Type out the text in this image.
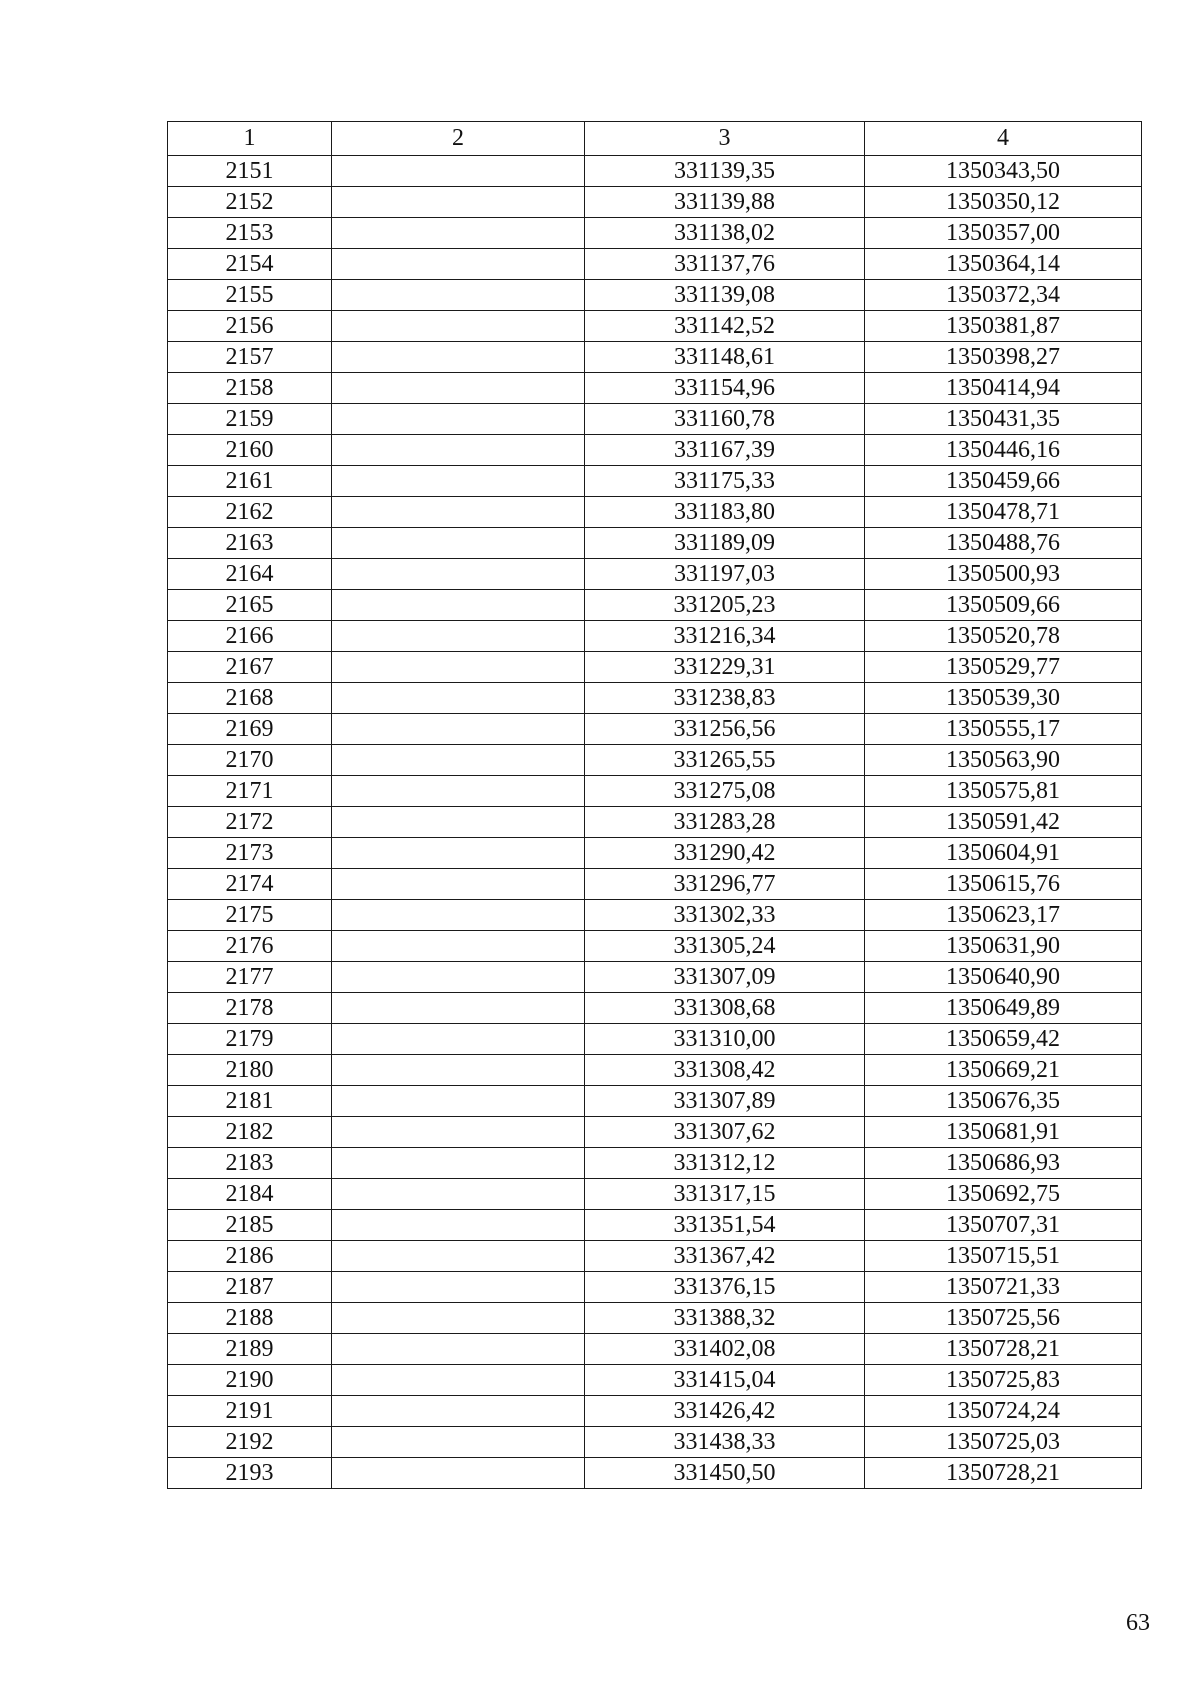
1	2	3	4
2151		331139,35	1350343,50
2152		331139,88	1350350,12
2153		331138,02	1350357,00
2154		331137,76	1350364,14
2155		331139,08	1350372,34
2156		331142,52	1350381,87
2157		331148,61	1350398,27
2158		331154,96	1350414,94
2159		331160,78	1350431,35
2160		331167,39	1350446,16
2161		331175,33	1350459,66
2162		331183,80	1350478,71
2163		331189,09	1350488,76
2164		331197,03	1350500,93
2165		331205,23	1350509,66
2166		331216,34	1350520,78
2167		331229,31	1350529,77
2168		331238,83	1350539,30
2169		331256,56	1350555,17
2170		331265,55	1350563,90
2171		331275,08	1350575,81
2172		331283,28	1350591,42
2173		331290,42	1350604,91
2174		331296,77	1350615,76
2175		331302,33	1350623,17
2176		331305,24	1350631,90
2177		331307,09	1350640,90
2178		331308,68	1350649,89
2179		331310,00	1350659,42
2180		331308,42	1350669,21
2181		331307,89	1350676,35
2182		331307,62	1350681,91
2183		331312,12	1350686,93
2184		331317,15	1350692,75
2185		331351,54	1350707,31
2186		331367,42	1350715,51
2187		331376,15	1350721,33
2188		331388,32	1350725,56
2189		331402,08	1350728,21
2190		331415,04	1350725,83
2191		331426,42	1350724,24
2192		331438,33	1350725,03
2193		331450,50	1350728,21
63
